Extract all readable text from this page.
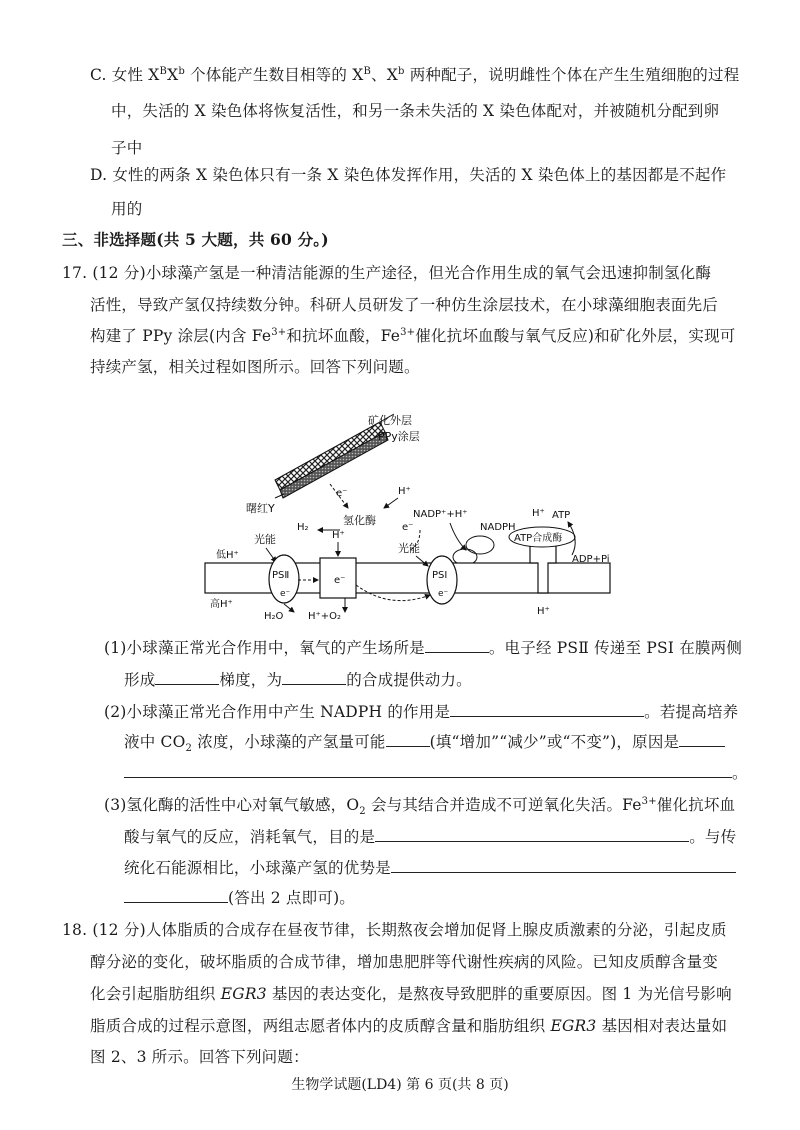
C. 女性 $X^BX^b$ 个体能产生数目相等的 $X^B$、$X^b$ 两种配子，说明雌性个体在产生生殖细胞的过程
中，失活的 X 染色体将恢复活性，和另一条未失活的 X 染色体配对，并被随机分配到卵
子中
D. 女性的两条 X 染色体只有一条 X 染色体发挥作用，失活的 X 染色体上的基因都是不起作
用的
三、非选择题(共 5 大题，共 60 分。)
17. (12 分)小球藻产氢是一种清洁能源的生产途径，但光合作用生成的氧气会迅速抑制氢化酶
活性，导致产氢仅持续数分钟。科研人员研发了一种仿生涂层技术，在小球藻细胞表面先后
构建了 PPy 涂层(内含 $Fe^{3+}$和抗坏血酸，$Fe^{3+}$催化抗坏血酸与氧气反应)和矿化外层，实现可
持续产氢，相关过程如图所示。回答下列问题。
矿化外层
PPy涂层
曙红Y
e⁻	H⁺
H₂
氢化酶
e⁻
NADP⁺+H⁺
NADPH
低H⁺
高H⁺
光能
光能
PSⅡ
e⁻
H₂O H⁺+O₂
e⁻
H⁺
PSⅠ
e⁻
ATP合成酶
H⁺ ATP
ADP+Pi
H⁺
(1)小球藻正常光合作用中，氧气的产生场所是	。电子经 PSⅡ 传递至 PSⅠ 在膜两侧
形成	梯度，为	的合成提供动力。
(2)小球藻正常光合作用中产生 NADPH 的作用是	。若提高培养
液中 $CO_2$ 浓度，小球藻的产氢量可能	(填“增加”“减少”或“不变”)，原因是
。
(3)氢化酶的活性中心对氧气敏感，$O_2$ 会与其结合并造成不可逆氧化失活。$Fe^{3+}$催化抗坏血
酸与氧气的反应，消耗氧气，目的是	。与传
统化石能源相比，小球藻产氢的优势是
(答出 2 点即可)。
18. (12 分)人体脂质的合成存在昼夜节律，长期熬夜会增加促肾上腺皮质激素的分泌，引起皮质
醇分泌的变化，破坏脂质的合成节律，增加患肥胖等代谢性疾病的风险。已知皮质醇含量变
化会引起脂肪组织 EGR3 基因的表达变化，是熬夜导致肥胖的重要原因。图 1 为光信号影响
脂质合成的过程示意图，两组志愿者体内的皮质醇含量和脂肪组织 EGR3 基因相对表达量如
图 2、3 所示。回答下列问题：
生物学试题(LD4) 第 6 页(共 8 页)
